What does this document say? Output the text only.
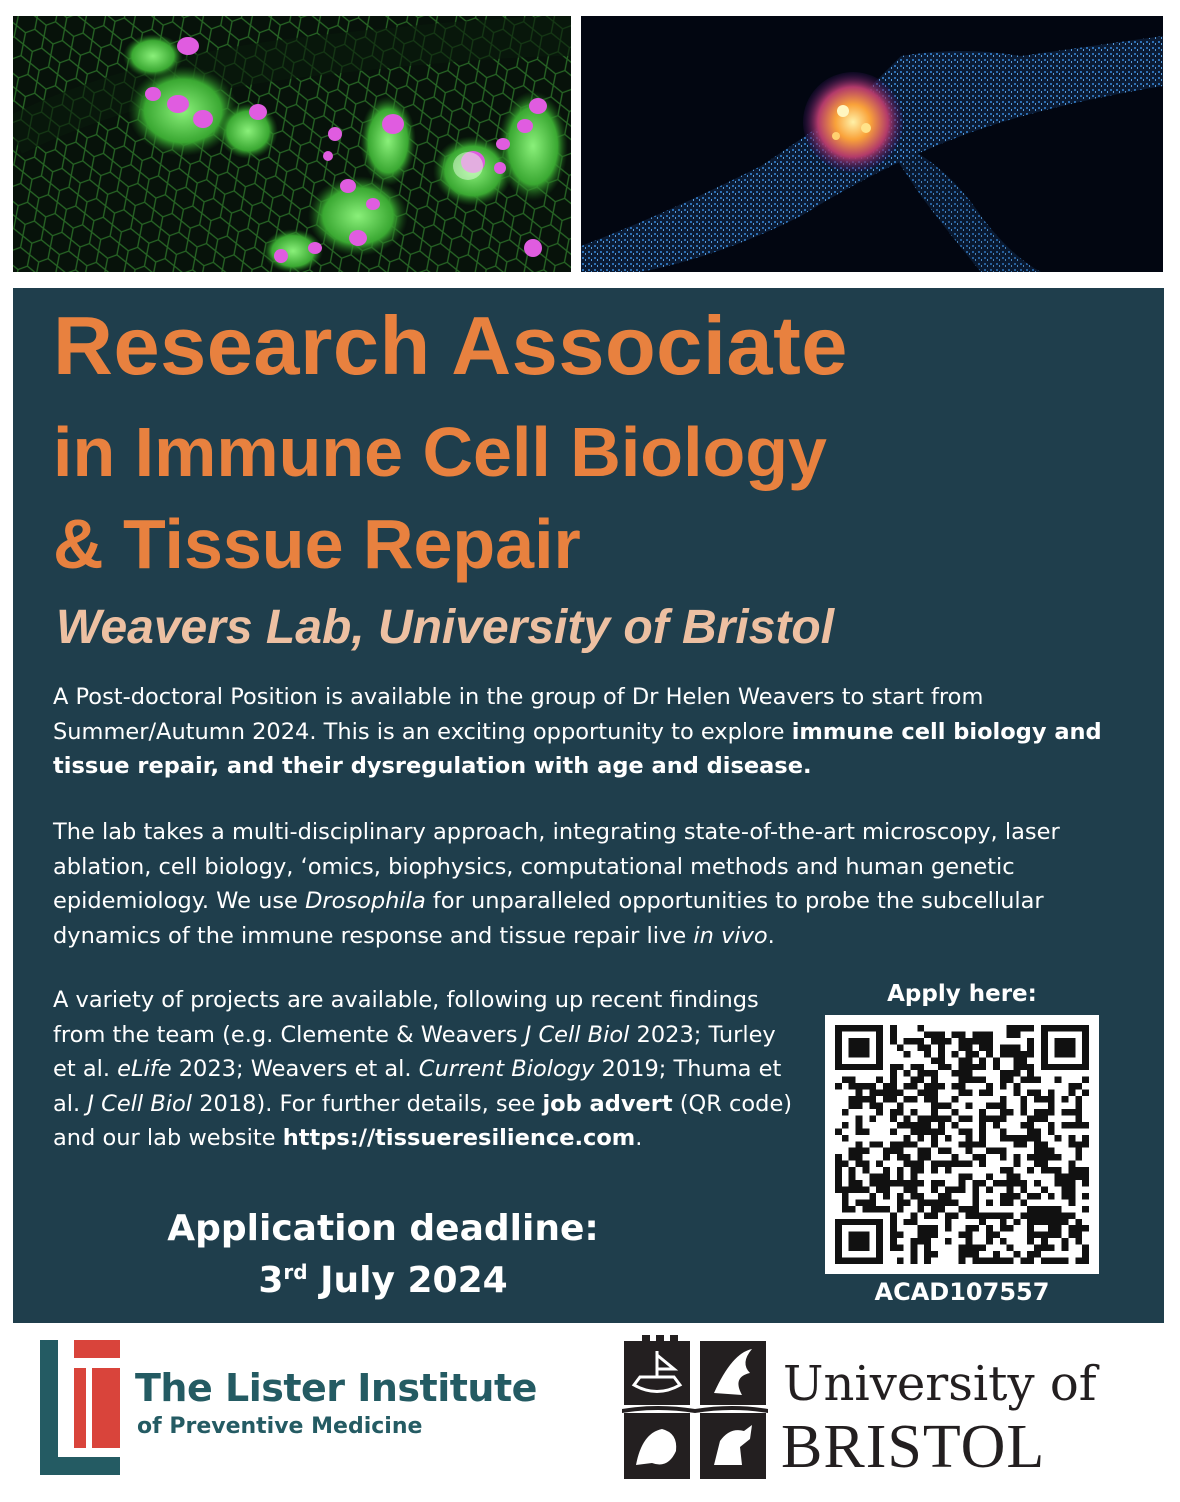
Research Associate
in Immune Cell Biology
& Tissue Repair
Weavers Lab, University of Bristol
A Post-doctoral Position is available in the group of Dr Helen Weavers to start from Summer/Autumn 2024. This is an exciting opportunity to explore immune cell biology and tissue repair, and their dysregulation with age and disease.
The lab takes a multi-disciplinary approach, integrating state-of-the-art microscopy, laser ablation, cell biology, ‘omics, biophysics, computational methods and human genetic epidemiology. We use Drosophila for unparalleled opportunities to probe the subcellular dynamics of the immune response and tissue repair live in vivo.
A variety of projects are available, following up recent findings from the team (e.g. Clemente & Weavers J Cell Biol 2023; Turley et al. eLife 2023; Weavers et al. Current Biology 2019; Thuma et al. J Cell Biol 2018). For further details, see job advert (QR code) and our lab website https://tissueresilience.com.
Application deadline:
3rd July 2024
Apply here:
ACAD107557
The Lister Institute
of Preventive Medicine
University of
BRISTOL
